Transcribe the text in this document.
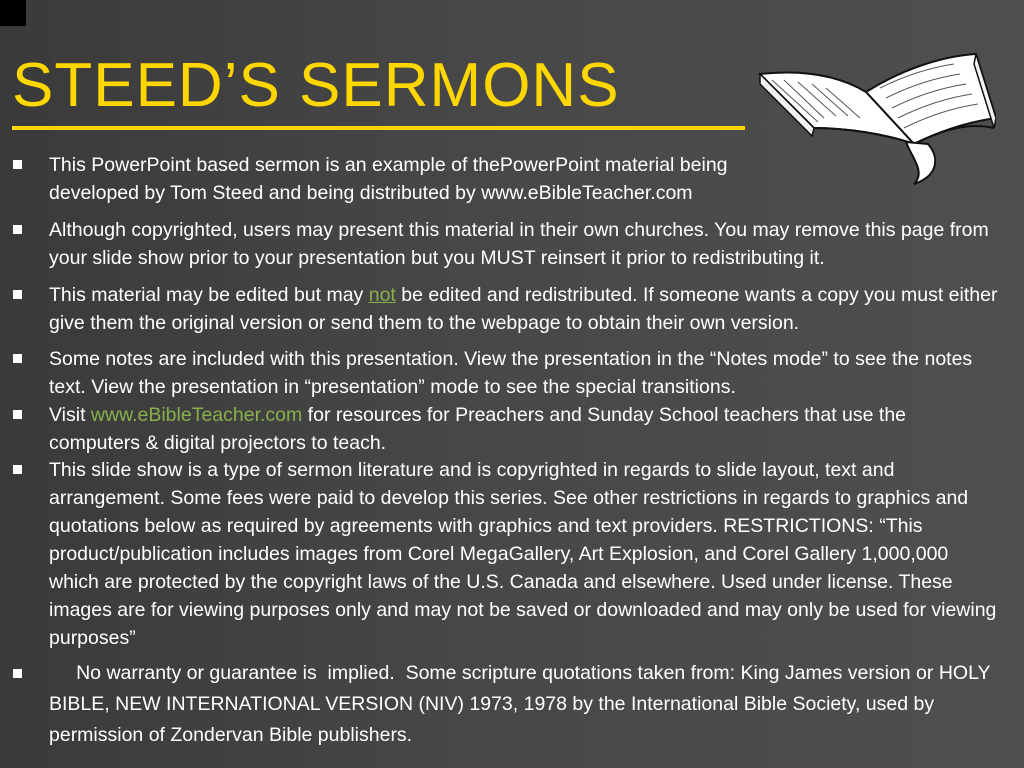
STEED’S SERMONS
This PowerPoint based sermon is an example of thePowerPoint material being developed by Tom Steed and being distributed by www.eBibleTeacher.com
Although copyrighted, users may present this material in their own churches. You may remove this page from your slide show prior to your presentation but you MUST reinsert it prior to redistributing it.
This material may be edited but may not be edited and redistributed. If someone wants a copy you must either give them the original version or send them to the webpage to obtain their own version.
Some notes are included with this presentation. View the presentation in the “Notes mode” to see the notes text. View the presentation in “presentation” mode to see the special transitions.
Visit www.eBibleTeacher.com for resources for Preachers and Sunday School teachers that use the computers & digital projectors to teach.
This slide show is a type of sermon literature and is copyrighted in regards to slide layout, text and arrangement. Some fees were paid to develop this series. See other restrictions in regards to graphics and quotations below as required by agreements with graphics and text providers. RESTRICTIONS: “This product/publication includes images from Corel MegaGallery, Art Explosion, and Corel Gallery 1,000,000 which are protected by the copyright laws of the U.S. Canada and elsewhere. Used under license. These images are for viewing purposes only and may not be saved or downloaded and may only be used for viewing purposes”
No warranty or guarantee is  implied.  Some scripture quotations taken from: King James version or HOLY BIBLE, NEW INTERNATIONAL VERSION (NIV) 1973, 1978 by the International Bible Society, used by permission of Zondervan Bible publishers.
